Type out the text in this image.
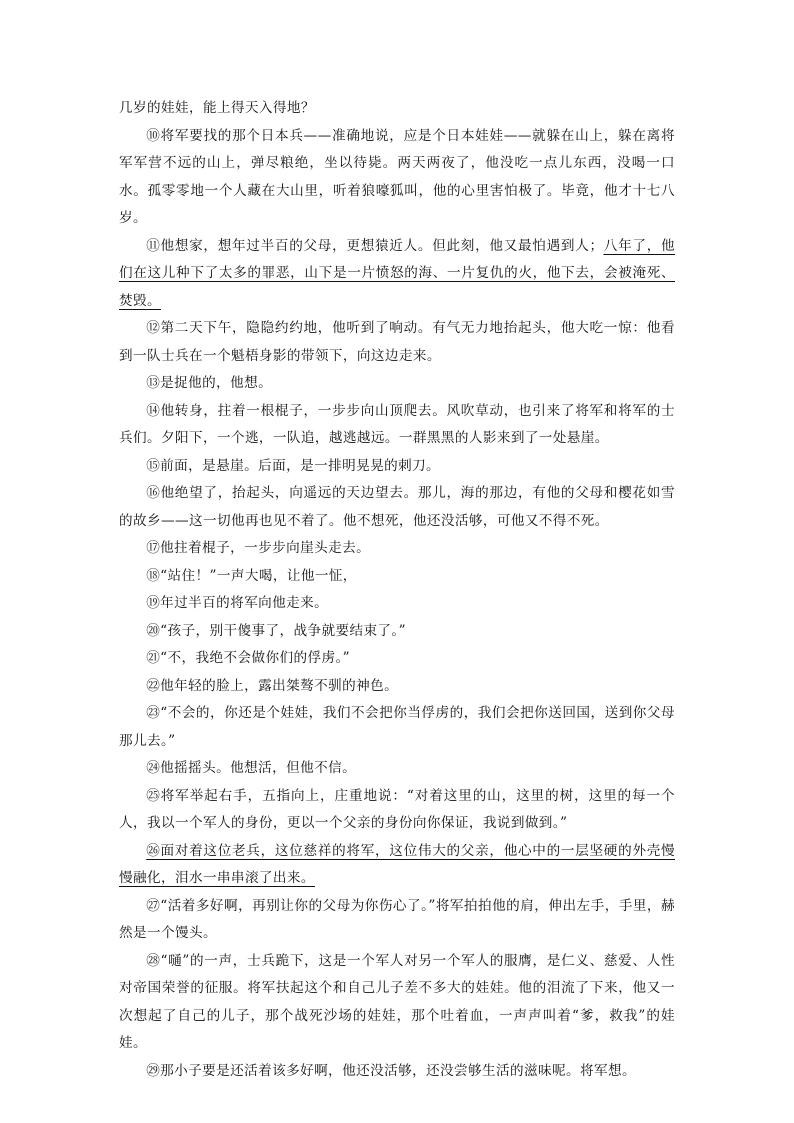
几岁的娃娃，能上得天入得地？

⑩将军要找的那个日本兵——准确地说，应是个日本娃娃——就躲在山上，躲在离将军军营不远的山上，弹尽粮绝，坐以待毙。两天两夜了，他没吃一点儿东西，没喝一口水。孤零零地一个人藏在大山里，听着狼嚎狐叫，他的心里害怕极了。毕竟，他才十七八岁。

⑪他想家，想年过半百的父母，更想猿近人。但此刻，他又最怕遇到人；八年了，他们在这儿种下了太多的罪恶，山下是一片愤怒的海、一片复仇的火，他下去，会被淹死、焚毁。

⑫第二天下午，隐隐约约地，他听到了响动。有气无力地抬起头，他大吃一惊：他看到一队士兵在一个魁梧身影的带领下，向这边走来。

⑬是捉他的，他想。

⑭他转身，拄着一根棍子，一步步向山顶爬去。风吹草动，也引来了将军和将军的士兵们。夕阳下，一个逃，一队追，越逃越远。一群黑黑的人影来到了一处悬崖。

⑮前面，是悬崖。后面，是一排明晃晃的刺刀。

⑯他绝望了，抬起头，向遥远的天边望去。那儿，海的那边，有他的父母和樱花如雪的故乡——这一切他再也见不着了。他不想死，他还没活够，可他又不得不死。

⑰他拄着棍子，一步步向崖头走去。

⑱“站住！”一声大喝，让他一怔，

⑲年过半百的将军向他走来。

⑳“孩子，别干傻事了，战争就要结束了。”

㉑“不，我绝不会做你们的俘虏。”

㉒他年轻的脸上，露出桀骜不驯的神色。

㉓“不会的，你还是个娃娃，我们不会把你当俘虏的，我们会把你送回国，送到你父母那儿去。”

㉔他摇摇头。他想活，但他不信。

㉕将军举起右手，五指向上，庄重地说：“对着这里的山，这里的树，这里的每一个人，我以一个军人的身份，更以一个父亲的身份向你保证，我说到做到。”

㉖面对着这位老兵，这位慈祥的将军，这位伟大的父亲，他心中的一层坚硬的外壳慢慢融化，泪水一串串滚了出来。

㉗“活着多好啊，再别让你的父母为你伤心了。”将军拍拍他的肩，伸出左手，手里，赫然是一个馒头。

㉘“嗵”的一声，士兵跪下，这是一个军人对另一个军人的服膺，是仁义、慈爱、人性对帝国荣誉的征服。将军扶起这个和自己儿子差不多大的娃娃。他的泪流了下来，他又一次想起了自己的儿子，那个战死沙场的娃娃，那个吐着血，一声声叫着“爹，救我”的娃娃。

㉙那小子要是还活着该多好啊，他还没活够，还没尝够生活的滋味呢。将军想。
